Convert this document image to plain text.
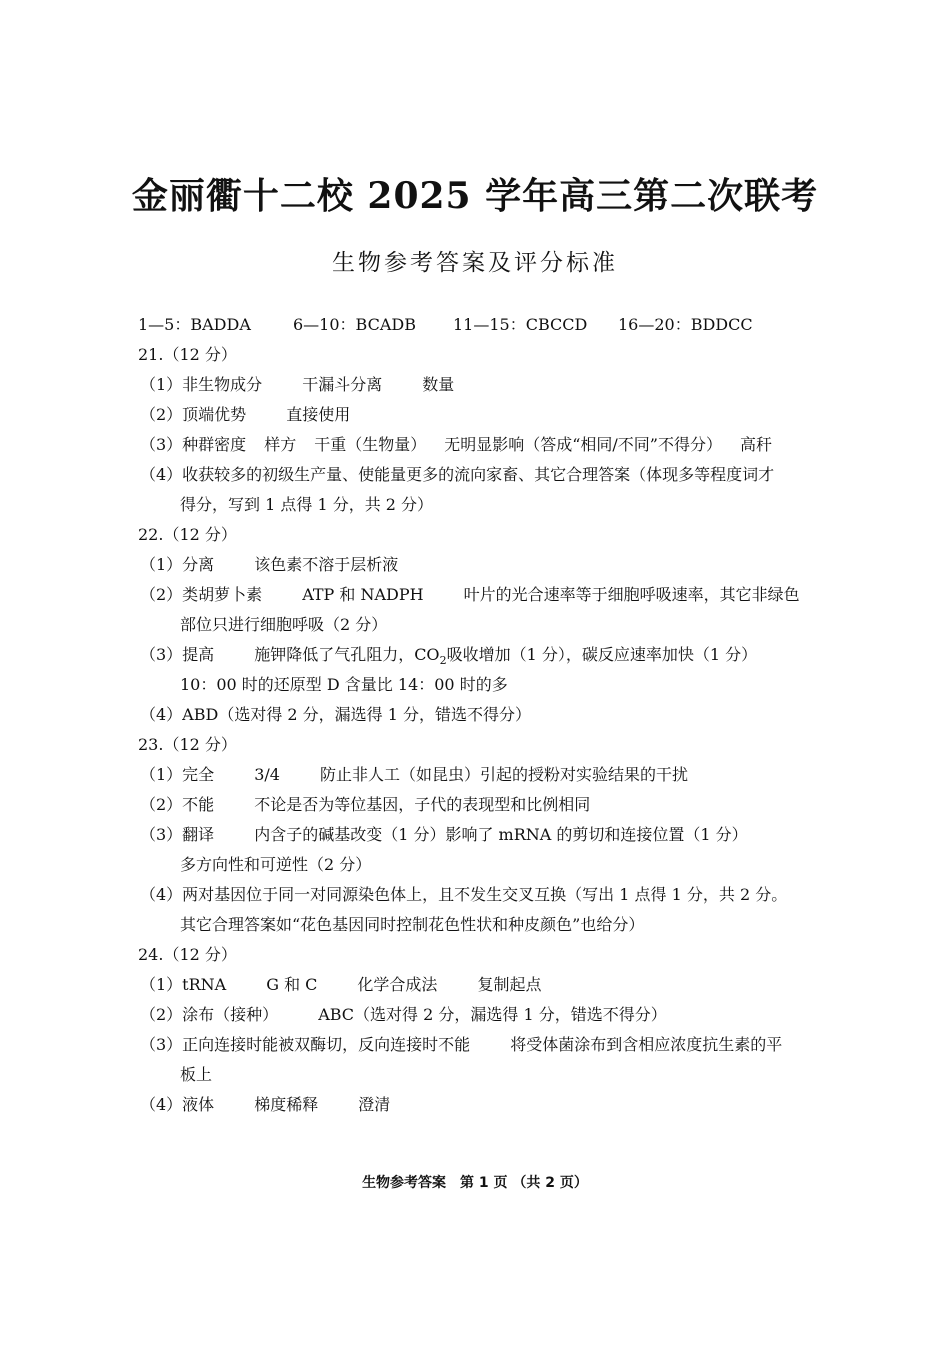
金丽衢十二校 2025 学年高三第二次联考
生物参考答案及评分标准
1—5：BADDA	6—10：BCADB 11—15：CBCCD 16—20：BDDCC
21.（12 分）
（1）非生物成分	干漏斗分离	数量
（2）顶端优势	直接使用
（3）种群密度 样方 干重（生物量） 无明显影响（答成“相同/不同”不得分） 高秆
（4）收获较多的初级生产量、使能量更多的流向家畜、其它合理答案（体现多等程度词才
得分，写到 1 点得 1 分，共 2 分）
22.（12 分）
（1）分离	该色素不溶于层析液
（2）类胡萝卜素	ATP 和 NADPH	叶片的光合速率等于细胞呼吸速率，其它非绿色
部位只进行细胞呼吸（2 分）
（3）提高	施钾降低了气孔阻力，$CO_2$吸收增加（1 分），碳反应速率加快（1 分）
10：00 时的还原型 D 含量比 14：00 时的多
（4）ABD（选对得 2 分，漏选得 1 分，错选不得分）
23.（12 分）
（1）完全	3/4	防止非人工（如昆虫）引起的授粉对实验结果的干扰
（2）不能	不论是否为等位基因，子代的表现型和比例相同
（3）翻译	内含子的碱基改变（1 分）影响了 mRNA 的剪切和连接位置（1 分）
多方向性和可逆性（2 分）
（4）两对基因位于同一对同源染色体上，且不发生交叉互换（写出 1 点得 1 分，共 2 分。
其它合理答案如“花色基因同时控制花色性状和种皮颜色”也给分）
24.（12 分）
（1）tRNA	G 和 C	化学合成法	复制起点
（2）涂布（接种）	ABC（选对得 2 分，漏选得 1 分，错选不得分）
（3）正向连接时能被双酶切，反向连接时不能	将受体菌涂布到含相应浓度抗生素的平
板上
（4）液体	梯度稀释	澄清
生物参考答案　第 1 页 （共 2 页）
